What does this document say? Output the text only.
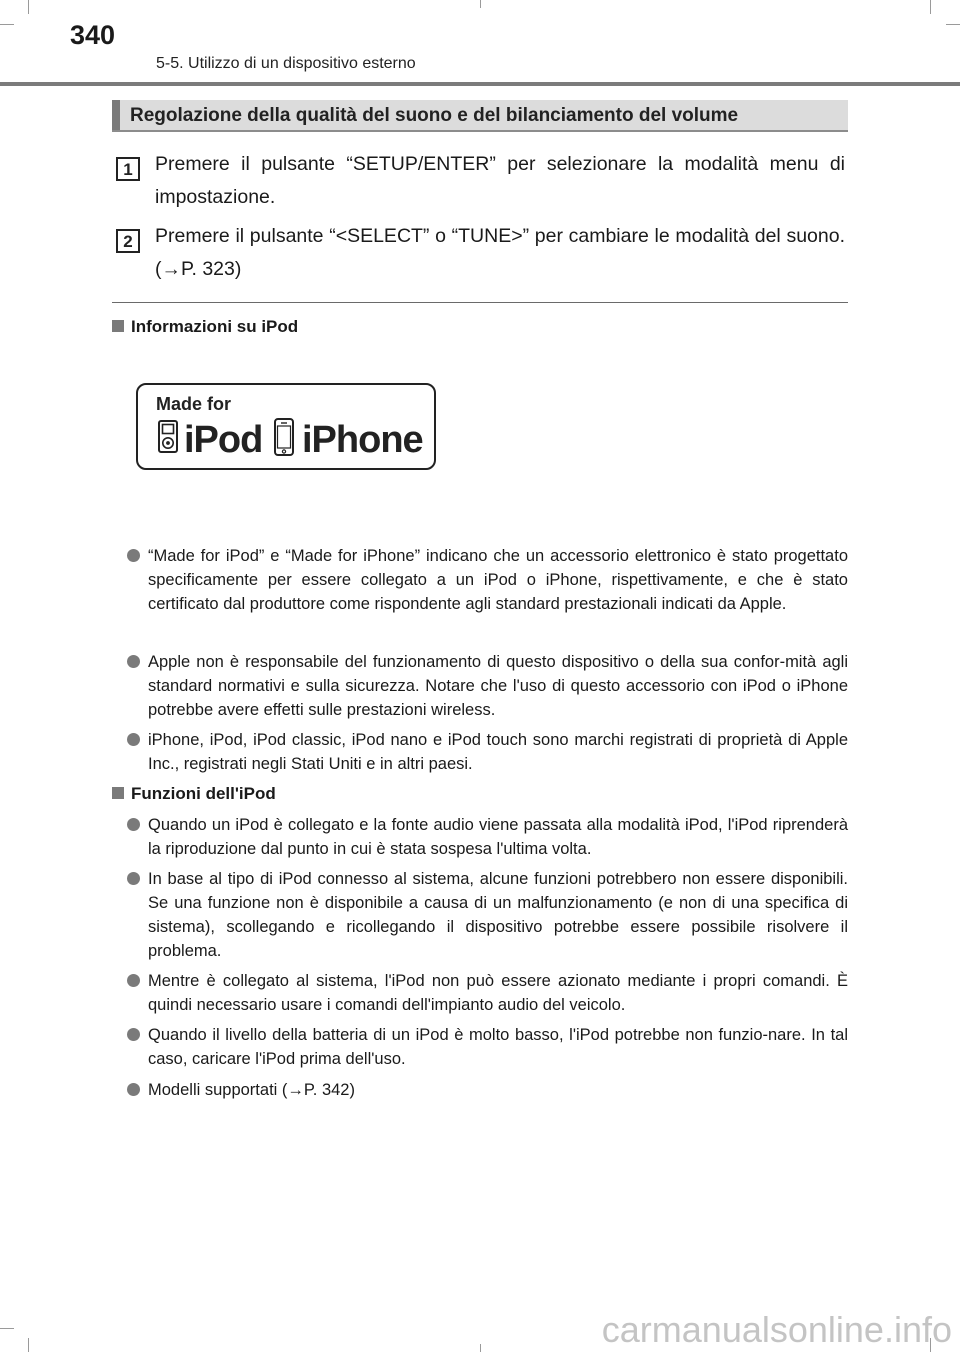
340
5-5. Utilizzo di un dispositivo esterno
Regolazione della qualità del suono e del bilanciamento del volume
1	Premere il pulsante “SETUP/ENTER” per selezionare la modalità menu di impostazione.
2	Premere il pulsante “<SELECT” o “TUNE>” per cambiare le modalità del suono. (→P. 323)
Informazioni su iPod
Made for
iPod iPhone
“Made for iPod” e “Made for iPhone” indicano che un accessorio elettronico è stato progettato specificamente per essere collegato a un iPod o iPhone, rispettivamente, e che è stato certificato dal produttore come rispondente agli standard prestazionali indicati da Apple.
Apple non è responsabile del funzionamento di questo dispositivo o della sua confor-mità agli standard normativi e sulla sicurezza. Notare che l'uso di questo accessorio con iPod o iPhone potrebbe avere effetti sulle prestazioni wireless.
iPhone, iPod, iPod classic, iPod nano e iPod touch sono marchi registrati di proprietà di Apple Inc., registrati negli Stati Uniti e in altri paesi.
Funzioni dell'iPod
Quando un iPod è collegato e la fonte audio viene passata alla modalità iPod, l'iPod riprenderà la riproduzione dal punto in cui è stata sospesa l'ultima volta.
In base al tipo di iPod connesso al sistema, alcune funzioni potrebbero non essere disponibili. Se una funzione non è disponibile a causa di un malfunzionamento (e non di una specifica di sistema), scollegando e ricollegando il dispositivo potrebbe essere possibile risolvere il problema.
Mentre è collegato al sistema, l'iPod non può essere azionato mediante i propri comandi. È quindi necessario usare i comandi dell'impianto audio del veicolo.
Quando il livello della batteria di un iPod è molto basso, l'iPod potrebbe non funzio-nare. In tal caso, caricare l'iPod prima dell'uso.
Modelli supportati (→P. 342)
carmanualsonline.info
